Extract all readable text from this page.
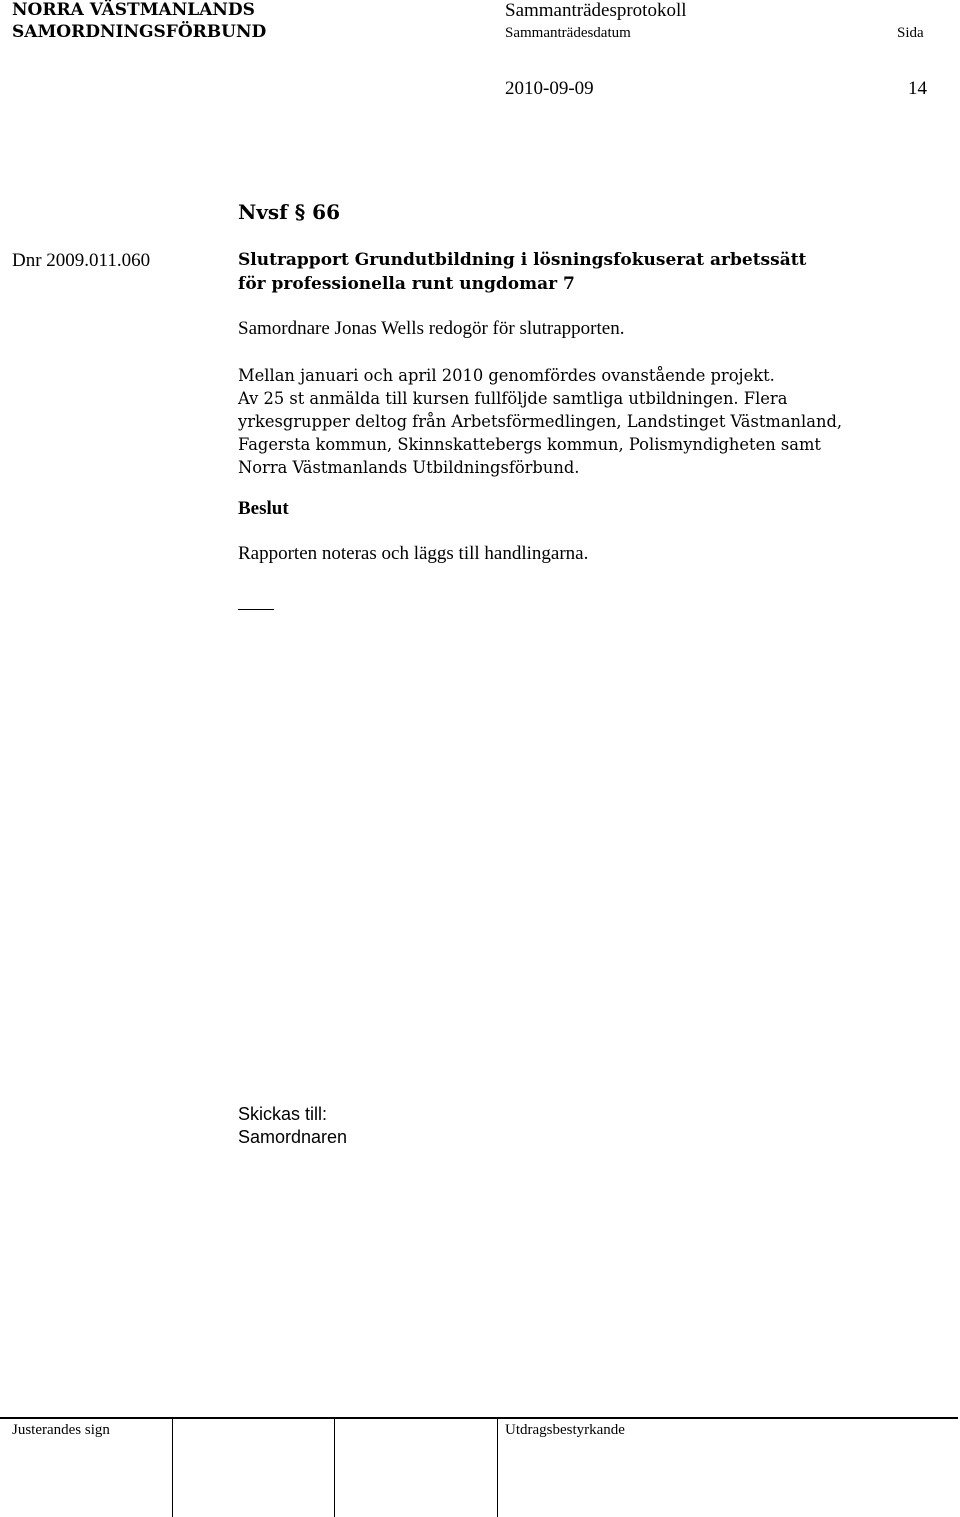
NORRA VÄSTMANLANDS
SAMORDNINGSFÖRBUND
Sammanträdesprotokoll
Sammanträdesdatum	Sida
2010-09-09	14
Nvsf § 66
Dnr 2009.011.060	Slutrapport Grundutbildning i lösningsfokuserat arbetssätt
för professionella runt ungdomar 7
Samordnare Jonas Wells redogör för slutrapporten.
Mellan januari och april 2010 genomfördes ovanstående projekt.
Av 25 st anmälda till kursen fullföljde samtliga utbildningen. Flera
yrkesgrupper deltog från Arbetsförmedlingen, Landstinget Västmanland,
Fagersta kommun, Skinnskattebergs kommun, Polismyndigheten samt
Norra Västmanlands Utbildningsförbund.
Beslut
Rapporten noteras och läggs till handlingarna.
Skickas till:
Samordnaren
Justerandes sign	Utdragsbestyrkande
